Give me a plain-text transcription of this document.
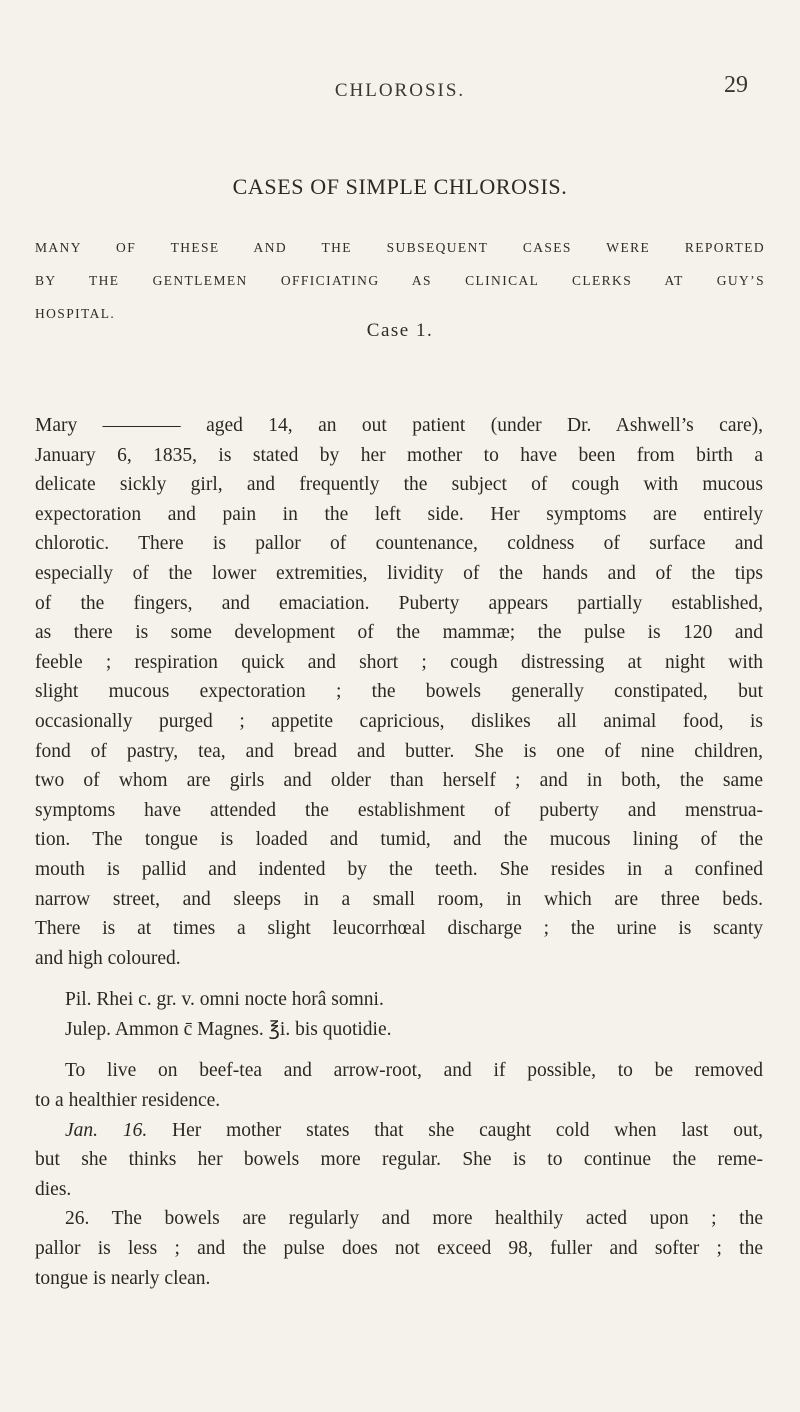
CHLOROSIS.	29
CASES OF SIMPLE CHLOROSIS.
MANY OF THESE AND THE SUBSEQUENT CASES WERE REPORTED
BY THE GENTLEMEN OFFICIATING AS CLINICAL CLERKS AT GUY’S
HOSPITAL.
Case 1.
Mary ———— aged 14, an out patient (under Dr. Ashwell’s care),
January 6, 1835, is stated by her mother to have been from birth a
delicate sickly girl, and frequently the subject of cough with mucous
expectoration and pain in the left side. Her symptoms are entirely
chlorotic. There is pallor of countenance, coldness of surface and
especially of the lower extremities, lividity of the hands and of the tips
of the fingers, and emaciation. Puberty appears partially established,
as there is some development of the mammæ; the pulse is 120 and
feeble ; respiration quick and short ; cough distressing at night with
slight mucous expectoration ; the bowels generally constipated, but
occasionally purged ; appetite capricious, dislikes all animal food, is
fond of pastry, tea, and bread and butter. She is one of nine children,
two of whom are girls and older than herself ; and in both, the same
symptoms have attended the establishment of puberty and menstrua-
tion. The tongue is loaded and tumid, and the mucous lining of the
mouth is pallid and indented by the teeth. She resides in a confined
narrow street, and sleeps in a small room, in which are three beds.
There is at times a slight leucorrhœal discharge ; the urine is scanty
and high coloured.
Pil. Rhei c. gr. v. omni nocte horâ somni.
Julep. Ammon c̄ Magnes. ℥i. bis quotidie.
To live on beef-tea and arrow-root, and if possible, to be removed
to a healthier residence.
Jan. 16. Her mother states that she caught cold when last out,
but she thinks her bowels more regular. She is to continue the reme-
dies.
26. The bowels are regularly and more healthily acted upon ; the
pallor is less ; and the pulse does not exceed 98, fuller and softer ; the
tongue is nearly clean.
